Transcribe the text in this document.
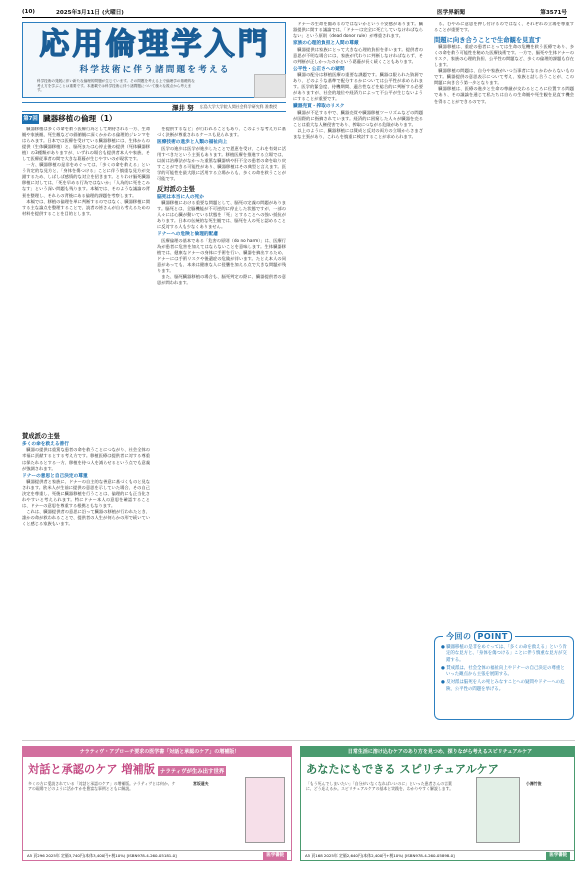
(10)	2025年3月11日 (火曜日)	医学界新聞	第3571号
応用倫理学入門
科学技術に伴う諸問題を考える
科学技術の発展に伴い新たな倫理的問題が生じています。その問題を考える上で倫理学の基礎的な考え方を学ぶことは重要です。本連載では科学技術に伴う諸問題について様々な視点から考えます。
澤井 努 広島大学大学院人間社会科学研究科 准教授
第7回 臓器移植の倫理（1）

臓器移植は多くの命を救う医療行為として期待される一方、生命観や家族観、死生観などの価値観に深くかかわる倫理的ジレンマをはらみます。日本では医療を受けている臓器移植には、生体からの提供（生体臓器移植）と、脳死または心停止後の提供（死体臓器移植）の3種類がありますが、いずれの場合も提供者本人や家族、そして医療従事者の間で大きな葛藤が生じやすいのが現状です。

一方、臓器移植の是非をめぐっては、「多くの命を救える」という肯定的な見方と、「身体を傷つける」ことに伴う慎重な見方が交錯するため、しばしば感情的な対立を招きます。とりわけ脳死臓器移植に対しては、「死を早める行為ではないか」「人為的に死をこみなす」という深い問題も残ります。本稿では、そのような議論の背景を整理し、それらの背後にある倫理的課題を考察します。

本稿では、移植の倫理を単に判断するのではなく、臓器移植に関する主な論点を整理することで、読者の皆さんが自ら考えるための材料を提供することを目的とします。

賛成派の主張
多くの命を救える善行

臓器の提供は重篤な患者の命を救うことにつながり、社会全体の幸福に貢献するとする考え方です。移植医療は提供者に対する尊重は保たれるとする一方、移植を待つ人を減らせるという点でも意義が強調されます。

ドナーの意思と自己決定の尊重

臓器提供者と家族に、ドナーの自主的な善意に基づくものと見なされます。欧米人が生前に提供の意思を示していた場合、その自己決定を尊重し、死後に臓器移植を行うことは、倫理的にも正当化されやすいと考えられます。特にドナー本人の意思を確認することは、ドナーの意思を尊重する根拠ともなります。

これは、臓器提供者の意思に沿って臓器の移植が行われたとき、誰かの命が救われることで、提供者の人生が何らかの形で続いていくと感じる家族もいます。

を提供するなど」が行われることもあり、このような考え方に基づく決断が尊重されるケースも見られます。

医療技術の進歩と人類の福祉向上

医学の進歩は医学が進歩したことで恩恵を受け、これを有効に活用すべきだという主張もあります。移植医療を推進する立場では、以前は治療法がなかった重篤な臓器病や肝不全の患者の命を取り戻すことができる可能性があり、臓器移植はその典型と言えます。医学的可能性を最大限に活用する立場からも、多くの命を救うことが可能です。

反対派の主張
脳死は本当に人の死か

臓器移植における重要な問題として、脳死の定義の問題があります。脳死とは、全脳機能が不可逆的に停止した状態ですが、一部の人々には心臓が動いている状態を「死」とすることへの強い抵抗があります。日本の伝統的な死生観では、脳死を人の死と認めることに反対する人も少なくありません。

ドナーへの危険と倫理的配慮

医療倫理の基本である「危害の原則（do no harm）」は、医療行為が患者に危害を加えてはならないことを意味します。生体臓器移植では、健康なドナーの身体に手術を行い、臓器を摘出するため、ドナーには手術リスクや後遺症の危険が伴います。たとえ本人の同意があっても、本来は健康な人に侵襲を加える点で大きな問題が残ります。

また、脳死臓器移植の場合も、脳死判定の際に、臓器提供者の意思が問われます。

ドナーの生命を縮めるのではないかという不安感があります。臓器提供に関する議論では、「ドナーは完全に死亡していなければならない」という原則（dead donor rule）が尊重されます。

家族の心理的負担と人間の尊厳

臓器提供は家族にとって大きな心理的負担を伴います。提供者の意思が不明な場合には、家族が代わりに判断しなければならず、その判断が正しかったのかという葛藤が長く続くこともあります。

公平性・公正さへの疑問

臓器の配分は移植医療の重要な課題です。臓器は限られた資源であり、どのような基準で配分するかについては公平性が求められます。医学的緊急度、待機期間、適合性などを総合的に判断する必要がありますが、社会的地位や経済力によって不公平が生じないようにすることが重要です。

臓器売買・搾取のリスク

臓器が不足する中で、臓器売買や臓器移植ツーリズムなどの問題が国際的に指摘されています。経済的に困窮した人々が臓器を売ることは重大な人権侵害であり、搾取につながる危険があります。

以上のように、臓器移植には賛成と反対の両方の立場からさまざまな主張があり、これらを慎重に検討することが求められます。

る。むやみに意思を押し付けるのではなく、それぞれの立場を尊重することが重要です。

問題に向き合うことで生命観を見直す

臓器移植は、重症の患者にとっては生命の危機を救う医療であり、多くの命を救う可能性を秘めた医療技術です。一方で、脳死や生体ドナーのリスク、家族の心理的負担、公平性の問題など、多くの倫理的課題も存在します。

臓器移植の問題は、自分や家族がいつ当事者になるかわからないものです。臓器提供の意思表示について考え、家族と話し合うことが、この問題に向き合う第一歩となります。

臓器移植は、医療の進歩と生命の尊厳が交わるところに位置する問題であり、その議論を通じて私たちは自らの生命観や死生観を見直す機会を得ることができるのです。

今回の POINT
● 臓器移植の是非をめぐっては、「多くの命を救える」という肯定的な見方と、「身体を傷つける」ことに伴う慎重な見方が交錯する。
● 賛成派は、社会全体の福祉向上やドナーの自己決定の尊重といった観点から主張を展開する。
● 反対派は脳死を人の死とみなすことへの疑問やドナーへの危険、公平性の問題を挙げる。
ナラティヴ・アプローチ要求の医学書「対話と承認のケア」の増補版！
対話と承認のケア 増補版 ナラティヴが生み出す世界
多くの方に愛読されている「対話と承認のケア」の増補版。ナラティヴとは何か、ケアの現場でどのように活かすかを豊富な事例とともに解説。
宮坂道夫
A5 頁296 2025年 定価3,740円(本体3,400円+税10%) [ISBN978-4-260-05181-0]	医学書院
日常生活に溶け込むケアのあり方を見つめ、探りながら考えるスピリチュアルケア
あなたにもできる スピリチュアルケア
「もう死んでしまいたい」「自分がいなくなればいいのに」といった患者さんの言葉に、どう応えるか。スピリチュアルケアの基本と実践を、わかりやすく解説します。
小澤竹俊
A5 頁168 2025年 定価2,640円(本体2,400円+税10%) [ISBN978-4-260-05898-0]	医学書院
